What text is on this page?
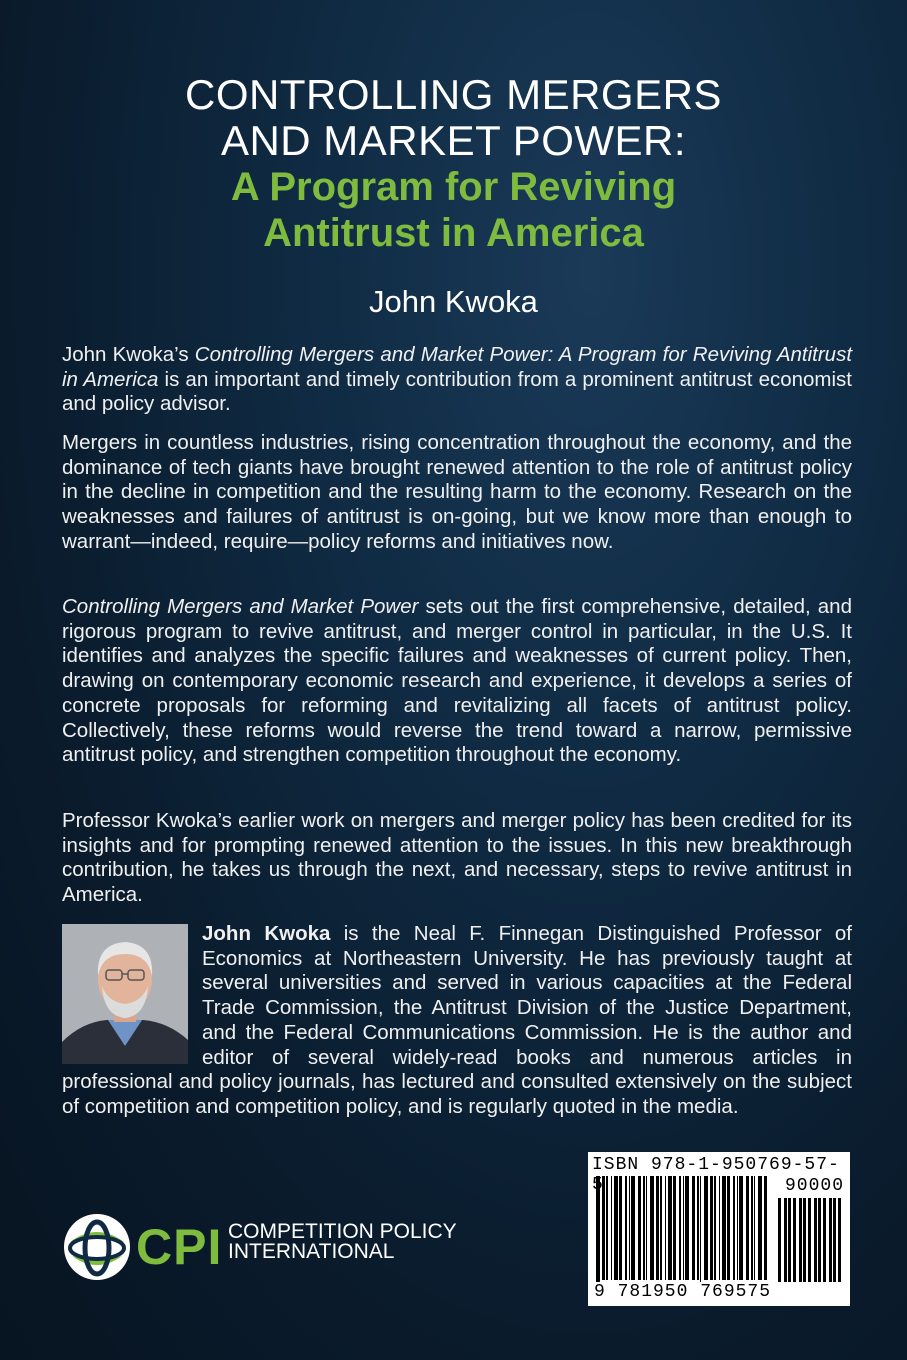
CONTROLLING MERGERS
AND MARKET POWER:
A Program for Reviving
Antitrust in America
John Kwoka
John Kwoka’s Controlling Mergers and Market Power: A Program for Reviving Antitrust in America is an important and timely contribution from a prominent antitrust economist and policy advisor.
Mergers in countless industries, rising concentration throughout the economy, and the dominance of tech giants have brought renewed attention to the role of antitrust policy in the decline in competition and the resulting harm to the economy. Research on the weaknesses and failures of antitrust is on-going, but we know more than enough to warrant—indeed, require—policy reforms and initiatives now.
Controlling Mergers and Market Power sets out the first comprehensive, detailed, and rigorous program to revive antitrust, and merger control in particular, in the U.S. It identifies and analyzes the specific failures and weaknesses of current policy. Then, drawing on contemporary economic research and experience, it develops a series of concrete proposals for reforming and revitalizing all facets of antitrust policy. Collectively, these reforms would reverse the trend toward a narrow, permissive antitrust policy, and strengthen competition throughout the economy.
Professor Kwoka’s earlier work on mergers and merger policy has been credited for its insights and for prompting renewed attention to the issues. In this new breakthrough contribution, he takes us through the next, and necessary, steps to revive antitrust in America.
John Kwoka is the Neal F. Finnegan Distinguished Professor of Economics at Northeastern University. He has previously taught at several universities and served in various capacities at the Federal Trade Commission, the Antitrust Division of the Justice Department, and the Federal Communications Commission. He is the author and editor of several widely-read books and numerous articles in professional and policy journals, has lectured and consulted extensively on the subject of competition and competition policy, and is regularly quoted in the media.
ISBN 978-1-950769-57-5	90000
9 781950 769575
CPI COMPETITION POLICY
INTERNATIONAL
